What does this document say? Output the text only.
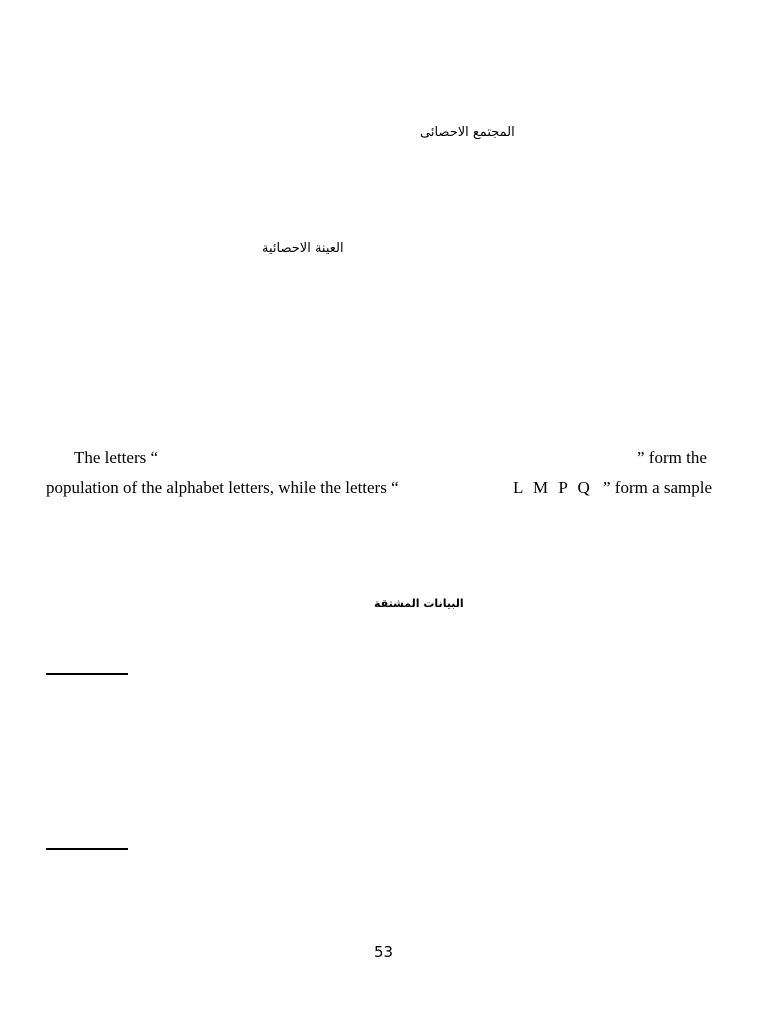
المجتمع الاحصائى
العينة الاحصائية
The letters “	” form the
population of the alphabet letters, while the letters “	L M P Q ” form a sample
البيانات المشتقة
53
